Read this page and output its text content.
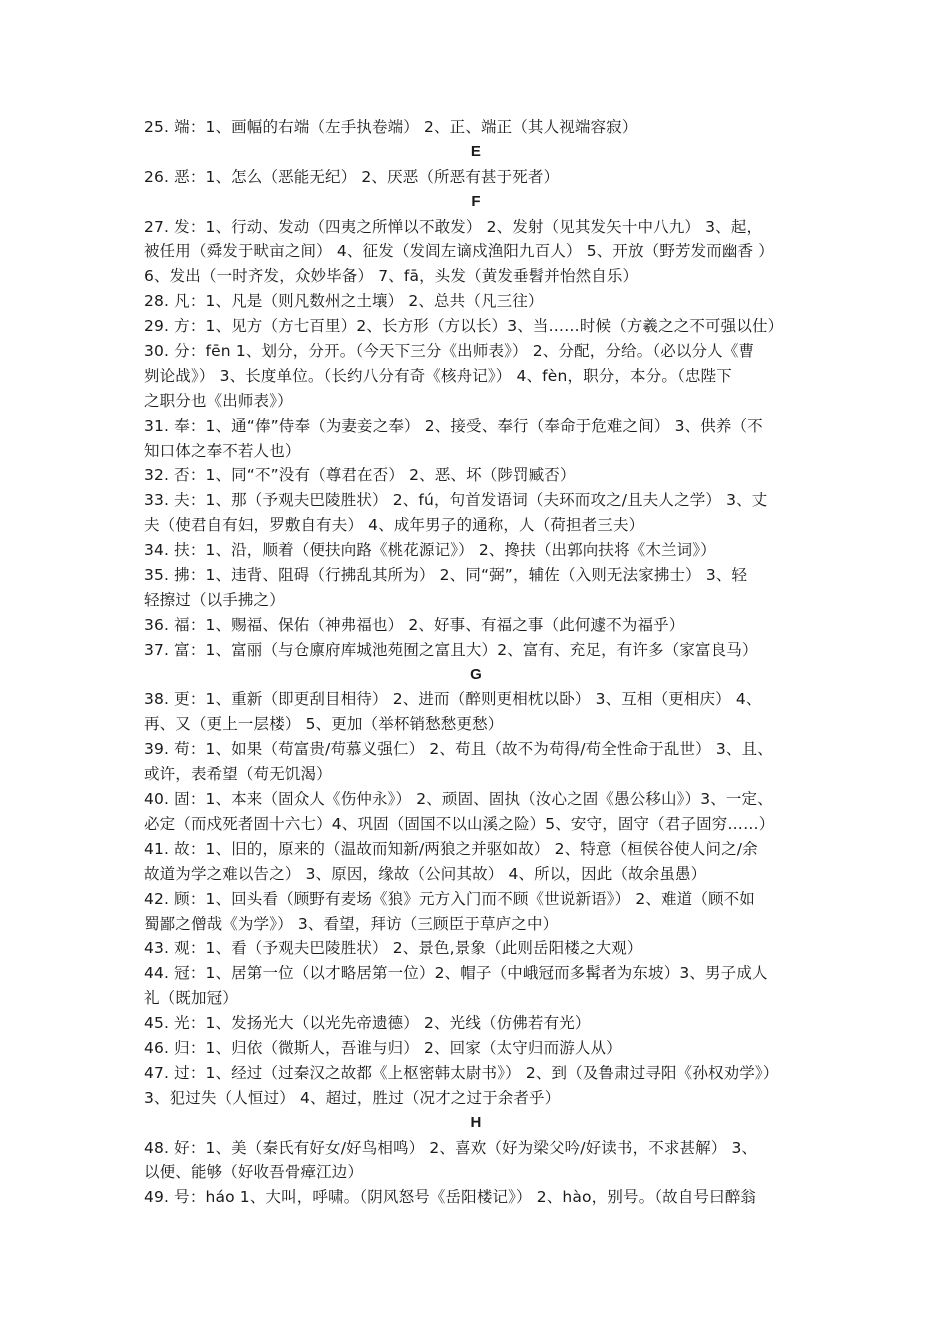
25. 端：1、画幅的右端（左手执卷端） 2、正、端正（其人视端容寂）
E
26. 恶：1、怎么（恶能无纪） 2、厌恶（所恶有甚于死者）
F
27. 发：1、行动、发动（四夷之所惮以不敢发） 2、发射（见其发矢十中八九） 3、起，
被任用（舜发于畎亩之间） 4、征发（发闾左谪戍渔阳九百人） 5、开放（野芳发而幽香 ）
6、发出（一时齐发，众妙毕备） 7、fā，头发（黄发垂髫并怡然自乐）
28. 凡：1、凡是（则凡数州之土壤） 2、总共（凡三往）
29. 方：1、见方（方七百里）2、长方形（方以长）3、当……时候（方羲之之不可强以仕）
30. 分：fēn 1、划分，分开。（今天下三分《出师表》） 2、分配，分给。（必以分人《曹
刿论战》） 3、长度单位。（长约八分有奇《核舟记》） 4、fèn，职分，本分。（忠陛下
之职分也《出师表》）
31. 奉：1、通“俸”侍奉（为妻妾之奉） 2、接受、奉行（奉命于危难之间） 3、供养（不
知口体之奉不若人也）
32. 否：1、同“不”没有（尊君在否） 2、恶、坏（陟罚臧否）
33. 夫：1、那（予观夫巴陵胜状） 2、fú，句首发语词（夫环而攻之/且夫人之学） 3、丈
夫（使君自有妇，罗敷自有夫） 4、成年男子的通称，人（荷担者三夫）
34. 扶：1、沿，顺着（便扶向路《桃花源记》） 2、搀扶（出郭向扶将《木兰词》）
35. 拂：1、违背、阻碍（行拂乱其所为） 2、同“弼”，辅佐（入则无法家拂士） 3、轻
轻擦过（以手拂之）
36. 福：1、赐福、保佑（神弗福也） 2、好事、有福之事（此何遽不为福乎）
37. 富：1、富丽（与仓廪府库城池苑囿之富且大）2、富有、充足，有许多（家富良马）
G
38. 更：1、重新（即更刮目相待） 2、进而（醉则更相枕以卧） 3、互相（更相庆） 4、
再、又（更上一层楼） 5、更加（举杯销愁愁更愁）
39. 苟：1、如果（苟富贵/苟慕义强仁） 2、苟且（故不为苟得/苟全性命于乱世） 3、且、
或许，表希望（苟无饥渴）
40. 固：1、本来（固众人《伤仲永》） 2、顽固、固执（汝心之固《愚公移山》）3、一定、
必定（而戍死者固十六七）4、巩固（固国不以山溪之险）5、安守，固守（君子固穷……）
41. 故：1、旧的，原来的（温故而知新/两狼之并驱如故） 2、特意（桓侯谷使人问之/余
故道为学之难以告之） 3、原因，缘故（公问其故） 4、所以，因此（故余虽愚）
42. 顾：1、回头看（顾野有麦场《狼》元方入门而不顾《世说新语》） 2、难道（顾不如
蜀鄙之僧哉《为学》） 3、看望，拜访（三顾臣于草庐之中）
43. 观：1、看（予观夫巴陵胜状） 2、景色,景象（此则岳阳楼之大观）
44. 冠：1、居第一位（以才略居第一位）2、帽子（中峨冠而多髯者为东坡）3、男子成人
礼（既加冠）
45. 光：1、发扬光大（以光先帝遗德） 2、光线（仿佛若有光）
46. 归：1、归依（微斯人，吾谁与归） 2、回家（太守归而游人从）
47. 过：1、经过（过秦汉之故都《上枢密韩太尉书》） 2、到（及鲁肃过寻阳《孙权劝学》）
3、犯过失（人恒过） 4、超过，胜过（况才之过于余者乎）
H
48. 好：1、美（秦氏有好女/好鸟相鸣） 2、喜欢（好为梁父吟/好读书，不求甚解） 3、
以便、能够（好收吾骨瘴江边）
49. 号：háo 1、大叫，呼啸。（阴风怒号《岳阳楼记》） 2、hào，别号。（故自号曰醉翁
